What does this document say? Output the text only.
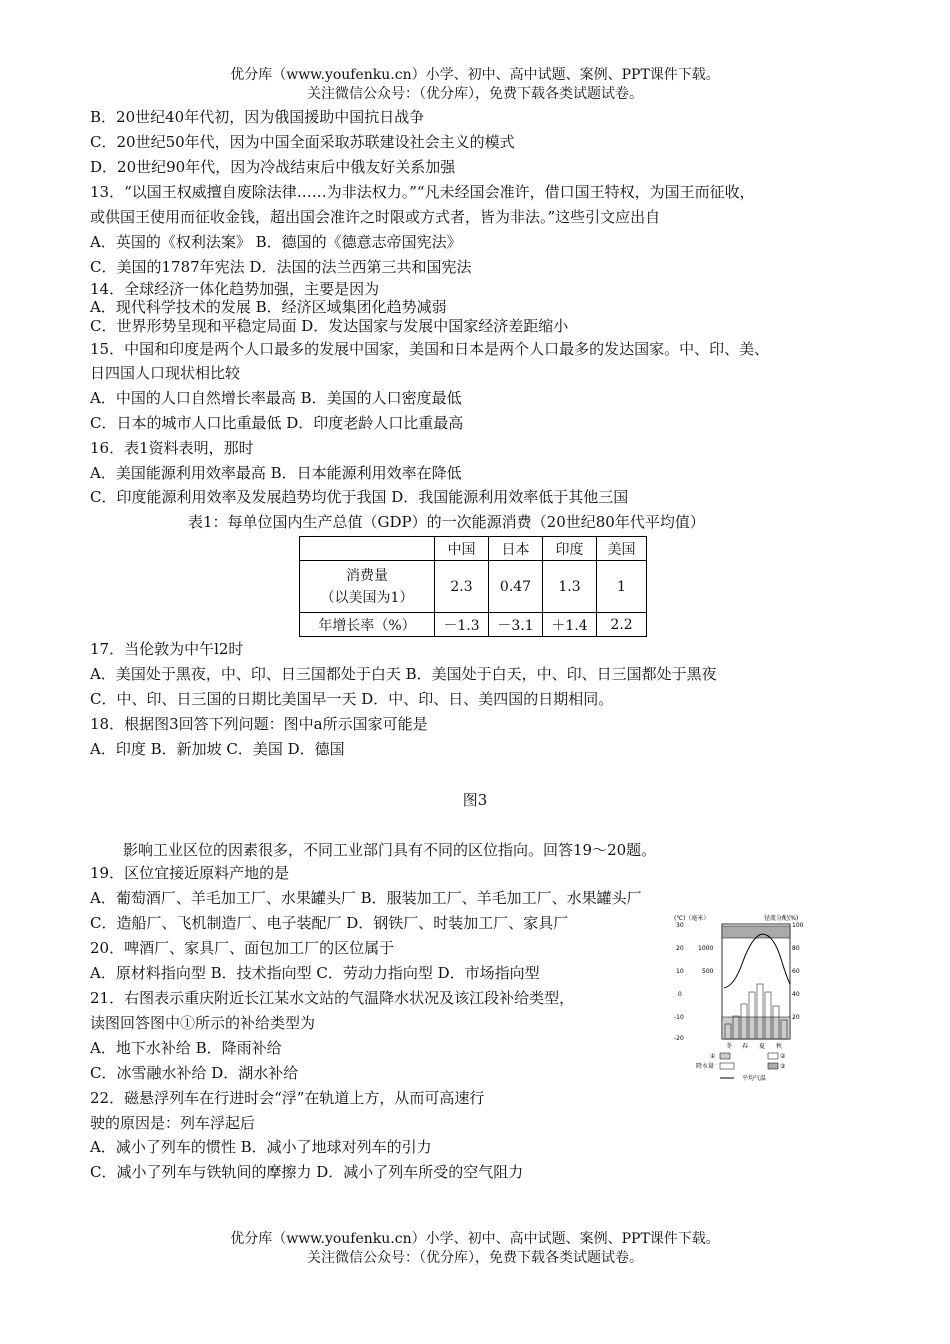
优分库（www.youfenku.cn）小学、初中、高中试题、案例、PPT课件下载。
关注微信公众号：（优分库），免费下载各类试题试卷。
B．20世纪40年代初，因为俄国援助中国抗日战争
C．20世纪50年代，因为中国全面采取苏联建设社会主义的模式
D．20世纪90年代，因为冷战结束后中俄友好关系加强
13．“以国王权威擅自废除法律……为非法权力。”“凡未经国会准许，借口国王特权，为国王而征收，
或供国王使用而征收金钱，超出国会准许之时限或方式者，皆为非法。”这些引文应出自
A．英国的《权利法案》 B．德国的《德意志帝国宪法》
C．美国的1787年宪法 D．法国的法兰西第三共和国宪法
14．全球经济一体化趋势加强，主要是因为
A．现代科学技术的发展 B．经济区域集团化趋势减弱
C．世界形势呈现和平稳定局面 D．发达国家与发展中国家经济差距缩小
15．中国和印度是两个人口最多的发展中国家，美国和日本是两个人口最多的发达国家。中、印、美、
日四国人口现状相比较
A．中国的人口自然增长率最高 B．美国的人口密度最低
C．日本的城市人口比重最低 D．印度老龄人口比重最高
16．表1资料表明，那时
A．美国能源利用效率最高 B．日本能源利用效率在降低
C．印度能源利用效率及发展趋势均优于我国 D．我国能源利用效率低于其他三国
表1：每单位国内生产总值（GDP）的一次能源消费（20世纪80年代平均值）
	中国	日本	印度	美国

消费量
（以美国为1）	2.3	0.47	1.3	1
年增长率（%）	－1.3	－3.1	＋1.4	2.2
17．当伦敦为中午l2时
A．美国处于黑夜，中、印、日三国都处于白天 B．美国处于白天，中、印、日三国都处于黑夜
C．中、印、日三国的日期比美国早一天 D．中、印、日、美四国的日期相同。
18．根据图3回答下列问题：图中a所示国家可能是
A．印度 B．新加坡 C．美国 D．德国
图3
影响工业区位的因素很多，不同工业部门具有不同的区位指向。回答19～20题。
19．区位宜接近原料产地的是
A．葡萄酒厂、羊毛加工厂、水果罐头厂 B．服装加工厂、羊毛加工厂、水果罐头厂
C．造船厂、飞机制造厂、电子装配厂 D．钢铁厂、时装加工厂、家具厂
20．啤酒厂、家具厂、面包加工厂的区位属于
A．原材料指向型 B．技术指向型 C．劳动力指向型 D．市场指向型
21．右图表示重庆附近长江某水文站的气温降水状况及该江段补给类型，
读图回答图中①所示的补给类型为
A．地下水补给 B．降雨补给
C．冰雪融水补给 D．湖水补给
22．磁悬浮列车在行进时会“浮”在轨道上方，从而可高速行
驶的原因是：列车浮起后
A．减小了列车的惯性 B．减小了地球对列车的引力
C．减小了列车与铁轨间的摩擦力 D．减小了列车所受的空气阻力
(℃)（毫米）	径流分配(%)
30
20
10
0
-10
-20
1000
500
100
80
60
40
20
冬 春 夏 秋
①	②
降水量	③
平均气温
优分库（www.youfenku.cn）小学、初中、高中试题、案例、PPT课件下载。
关注微信公众号：（优分库），免费下载各类试题试卷。
